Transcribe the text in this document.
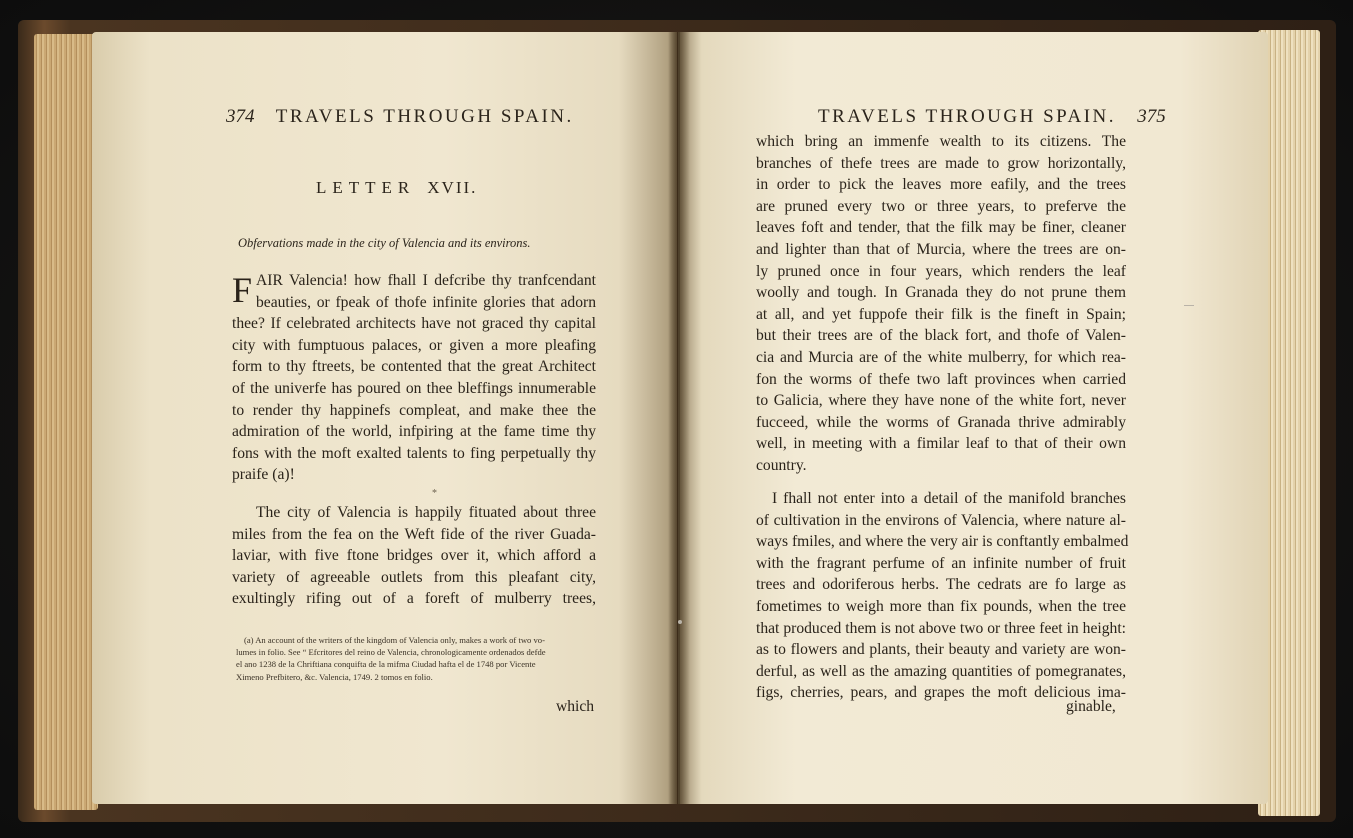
374 TRAVELS THROUGH SPAIN.
LETTER XVII.
Obfervations made in the city of Valencia and its environs.
F AIR Valencia! how fhall I defcribe thy tranfcendant

beauties, or fpeak of thofe infinite glories that adorn

thee? If celebrated architects have not graced thy capital

city with fumptuous palaces, or given a more pleafing

form to thy ftreets, be contented that the great Architect

of the univerfe has poured on thee bleffings innumerable

to render thy happinefs compleat, and make thee the

admiration of the world, infpiring at the fame time thy

fons with the moft exalted talents to fing perpetually thy

praife (a)!

*

The city of Valencia is happily fituated about three

miles from the fea on the Weft fide of the river Guada-

laviar, with five ftone bridges over it, which afford a

variety of agreeable outlets from this pleafant city,

exultingly rifing out of a foreft of mulberry trees,

(a) An account of the writers of the kingdom of Valencia only, makes a work of two vo-

lumes in folio. See “ Efcritores del reino de Valencia, chronologicamente ordenados defde

el ano 1238 de la Chriftiana conquifta de la mifma Ciudad hafta el de 1748 por Vicente

Ximeno Prefbitero, &c. Valencia, 1749. 2 tomos en folio.

which
TRAVELS THROUGH SPAIN. 375

which bring an immenfe wealth to its citizens. The

branches of thefe trees are made to grow horizontally,

in order to pick the leaves more eafily, and the trees

are pruned every two or three years, to preferve the

leaves foft and tender, that the filk may be finer, cleaner

and lighter than that of Murcia, where the trees are on-

ly pruned once in four years, which renders the leaf

woolly and tough. In Granada they do not prune them

at all, and yet fuppofe their filk is the fineft in Spain;

but their trees are of the black fort, and thofe of Valen-

cia and Murcia are of the white mulberry, for which rea-

fon the worms of thefe two laft provinces when carried

to Galicia, where they have none of the white fort, never

fucceed, while the worms of Granada thrive admirably

well, in meeting with a fimilar leaf to that of their own

country.

I fhall not enter into a detail of the manifold branches

of cultivation in the environs of Valencia, where nature al-

ways fmiles, and where the very air is conftantly embalmed

with the fragrant perfume of an infinite number of fruit

trees and odoriferous herbs. The cedrats are fo large as

fometimes to weigh more than fix pounds, when the tree

that produced them is not above two or three feet in height:

as to flowers and plants, their beauty and variety are won-

derful, as well as the amazing quantities of pomegranates,

figs, cherries, pears, and grapes the moft delicious ima-

ginable,
